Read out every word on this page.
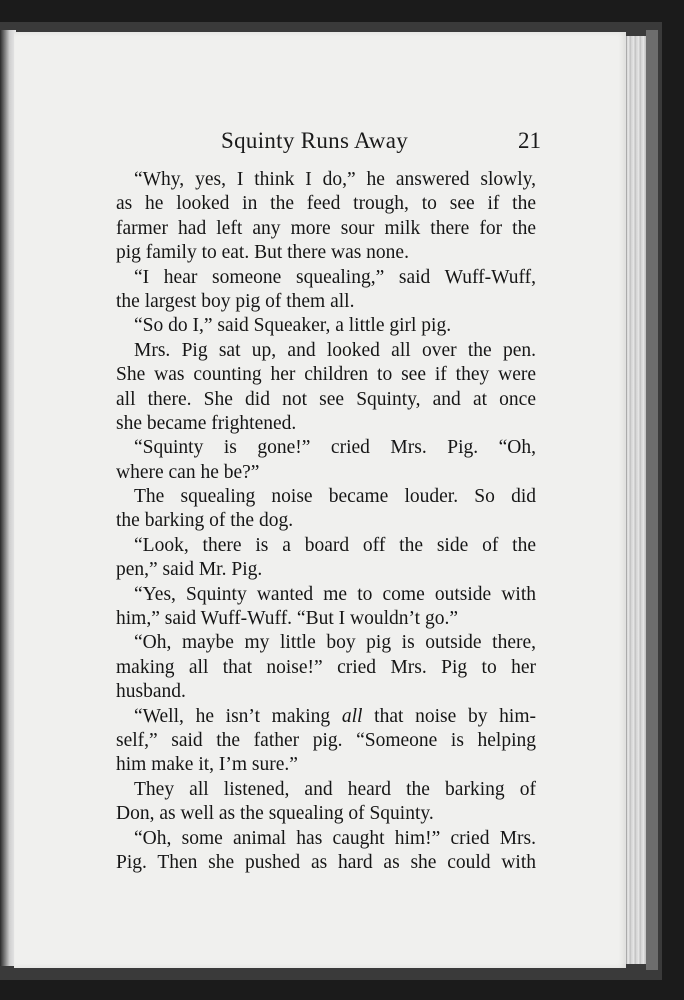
Squinty Runs Away	21
“Why, yes, I think I do,” he answered slowly,
as he looked in the feed trough, to see if the
farmer had left any more sour milk there for the
pig family to eat. But there was none.
“I hear someone squealing,” said Wuff-Wuff,
the largest boy pig of them all.
“So do I,” said Squeaker, a little girl pig.
Mrs. Pig sat up, and looked all over the pen.
She was counting her children to see if they were
all there. She did not see Squinty, and at once
she became frightened.
“Squinty is gone!” cried Mrs. Pig. “Oh,
where can he be?”
The squealing noise became louder. So did
the barking of the dog.
“Look, there is a board off the side of the
pen,” said Mr. Pig.
“Yes, Squinty wanted me to come outside with
him,” said Wuff-Wuff. “But I wouldn’t go.”
“Oh, maybe my little boy pig is outside there,
making all that noise!” cried Mrs. Pig to her
husband.
“Well, he isn’t making all that noise by him-
self,” said the father pig. “Someone is helping
him make it, I’m sure.”
They all listened, and heard the barking of
Don, as well as the squealing of Squinty.
“Oh, some animal has caught him!” cried Mrs.
Pig. Then she pushed as hard as she could with
